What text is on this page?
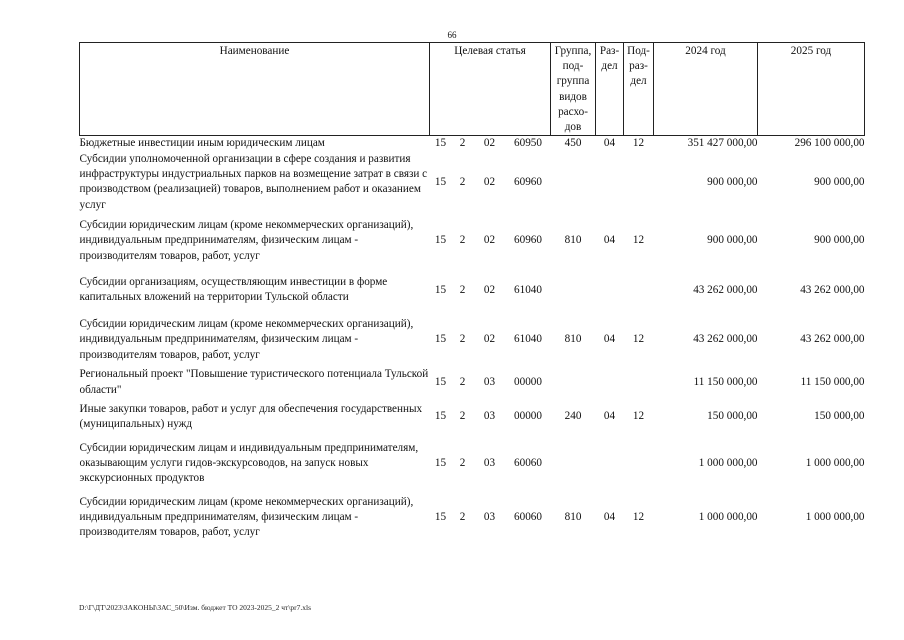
66
Наименование	Целевая статья				Группа, под-группа видов расхо-дов	Раз-дел	Под-раз-дел	2024 год	2025 год
Бюджетные инвестиции иным юридическим лицам	15	2	02	60950	450	04	12	351 427 000,00	296 100 000,00
Субсидии уполномоченной организации в сфере создания и развития инфраструктуры индустриальных парков на возмещение затрат в связи с производством (реализацией) товаров, выполнением работ и оказанием услуг	15	2	02	60960				900 000,00	900 000,00
Субсидии юридическим лицам (кроме некоммерческих организаций), индивидуальным предпринимателям, физическим лицам - производителям товаров, работ, услуг	15	2	02	60960	810	04	12	900 000,00	900 000,00
Субсидии организациям, осуществляющим инвестиции в форме капитальных вложений на территории Тульской области	15	2	02	61040				43 262 000,00	43 262 000,00
Субсидии юридическим лицам (кроме некоммерческих организаций), индивидуальным предпринимателям, физическим лицам - производителям товаров, работ, услуг	15	2	02	61040	810	04	12	43 262 000,00	43 262 000,00
Региональный проект "Повышение туристического потенциала Тульской области"	15	2	03	00000				11 150 000,00	11 150 000,00
Иные закупки товаров, работ и услуг для обеспечения государственных (муниципальных) нужд	15	2	03	00000	240	04	12	150 000,00	150 000,00
Субсидии юридическим лицам и индивидуальным предпринимателям, оказывающим услуги гидов-экскурсоводов, на запуск новых экскурсионных продуктов	15	2	03	60060				1 000 000,00	1 000 000,00
Субсидии юридическим лицам (кроме некоммерческих организаций), индивидуальным предпринимателям, физическим лицам - производителям товаров, работ, услуг	15	2	03	60060	810	04	12	1 000 000,00	1 000 000,00
D:\Г\ДТ\2023\ЗАКОНЫ\ЗАС_50\Изм. бюджет ТО 2023-2025_2 чт\pr7.xls
